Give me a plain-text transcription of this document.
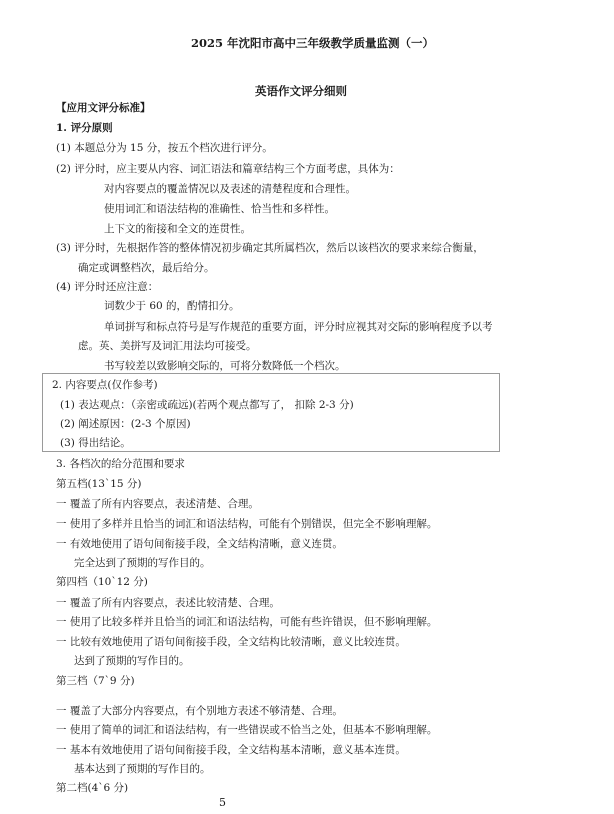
2025 年沈阳市高中三年级教学质量监测（一）
英语作文评分细则
【应用文评分标准】
1. 评分原则
(1) 本题总分为 15 分，按五个档次进行评分。
(2) 评分时，应主要从内容、词汇语法和篇章结构三个方面考虑，具体为：
对内容要点的覆盖情况以及表述的清楚程度和合理性。
使用词汇和语法结构的准确性、恰当性和多样性。
上下文的衔接和全文的连贯性。
(3) 评分时，先根据作答的整体情况初步确定其所属档次，然后以该档次的要求来综合衡量，
确定或调整档次，最后给分。
(4) 评分时还应注意：
词数少于 60 的，酌情扣分。
单词拼写和标点符号是写作规范的重要方面，评分时应视其对交际的影响程度予以考
虑。英、美拼写及词汇用法均可接受。
书写较差以致影响交际的，可将分数降低一个档次。
2. 内容要点(仅作参考)
(1) 表达观点：（亲密或疏远)(若两个观点都写了， 扣除 2-3 分)
(2) 阐述原因：(2-3 个原因)
(3) 得出结论。
3. 各档次的给分范围和要求
第五档(13`15 分)
一 覆盖了所有内容要点，表述清楚、合理。
一 使用了多样并且恰当的词汇和语法结构，可能有个别错误，但完全不影响理解。
一 有效地使用了语句间衔接手段，全文结构清晰，意义连贯。
完全达到了预期的写作目的。
第四档（10`12 分)
一 覆盖了所有内容要点，表述比较清楚、合理。
一 使用了比较多样并且恰当的词汇和语法结构，可能有些许错误，但不影响理解。
一 比较有效地使用了语句间衔接手段，全文结构比较清晰，意义比较连贯。
达到了预期的写作目的。
第三档（7`9 分)
一 覆盖了大部分内容要点，有个别地方表述不够清楚、合理。
一 使用了简单的词汇和语法结构，有一些错误或不恰当之处，但基本不影响理解。
一 基本有效地使用了语句间衔接手段，全文结构基本清晰，意义基本连贯。
基本达到了预期的写作目的。
第二档(4`6 分)
5
